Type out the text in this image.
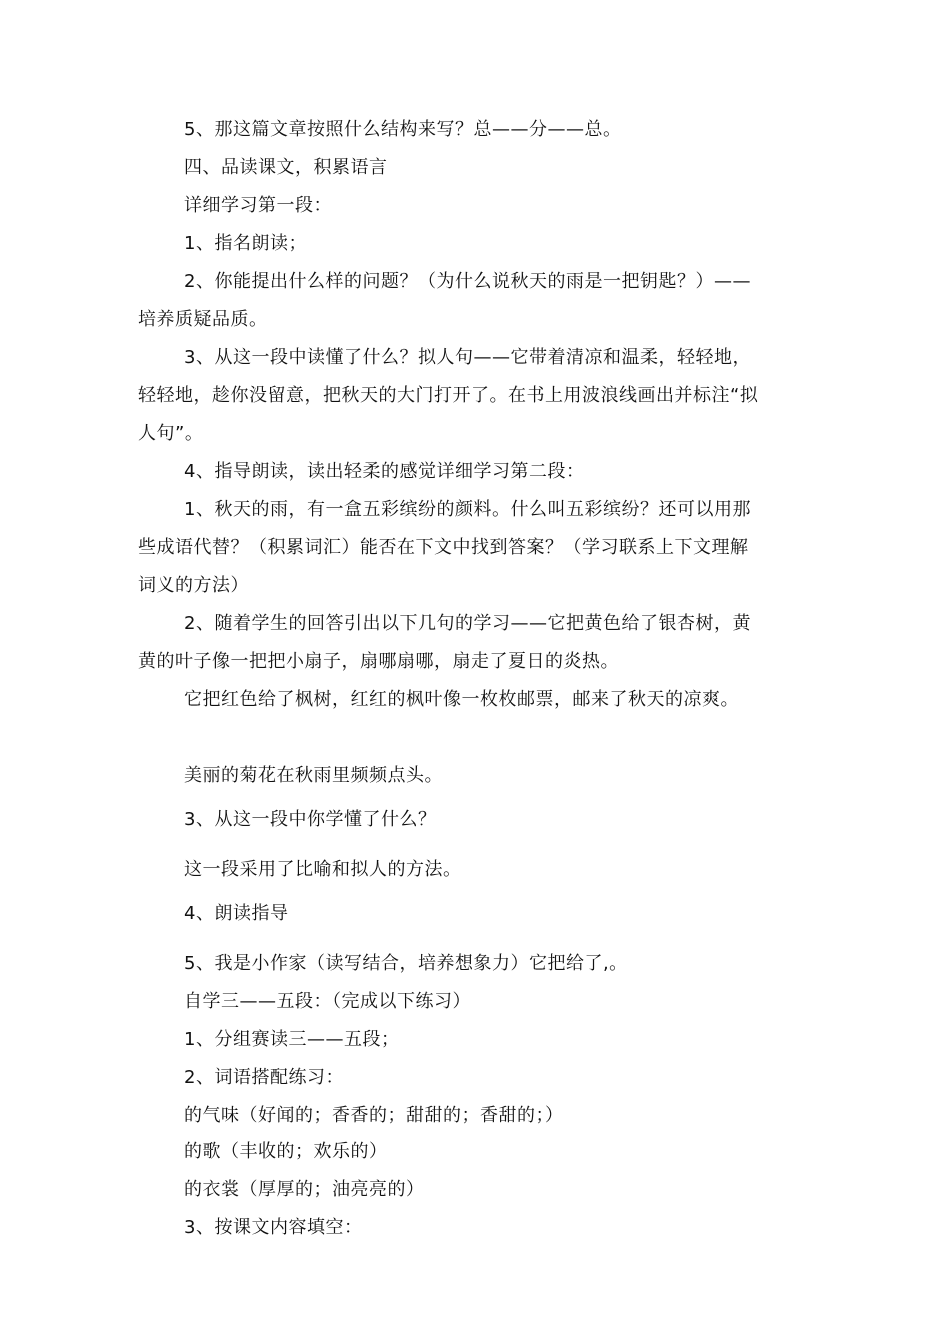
5、那这篇文章按照什么结构来写？总——分——总。
四、品读课文，积累语言
详细学习第一段：
1、指名朗读；
2、你能提出什么样的问题？（为什么说秋天的雨是一把钥匙？）——
培养质疑品质。
3、从这一段中读懂了什么？拟人句——它带着清凉和温柔，轻轻地，
轻轻地，趁你没留意，把秋天的大门打开了。在书上用波浪线画出并标注“拟
人句”。
4、指导朗读，读出轻柔的感觉详细学习第二段：
1、秋天的雨，有一盒五彩缤纷的颜料。什么叫五彩缤纷？还可以用那
些成语代替？（积累词汇）能否在下文中找到答案？（学习联系上下文理解
词义的方法）
2、随着学生的回答引出以下几句的学习——它把黄色给了银杏树，黄
黄的叶子像一把把小扇子，扇哪扇哪，扇走了夏日的炎热。
它把红色给了枫树，红红的枫叶像一枚枚邮票，邮来了秋天的凉爽。
美丽的菊花在秋雨里频频点头。
3、从这一段中你学懂了什么？
这一段采用了比喻和拟人的方法。
4、朗读指导
5、我是小作家（读写结合，培养想象力）它把给了,。
自学三——五段：（完成以下练习）
1、分组赛读三——五段；
2、词语搭配练习：
的气味（好闻的；香香的；甜甜的；香甜的；）
的歌（丰收的；欢乐的）
的衣裳（厚厚的；油亮亮的）
3、按课文内容填空：
